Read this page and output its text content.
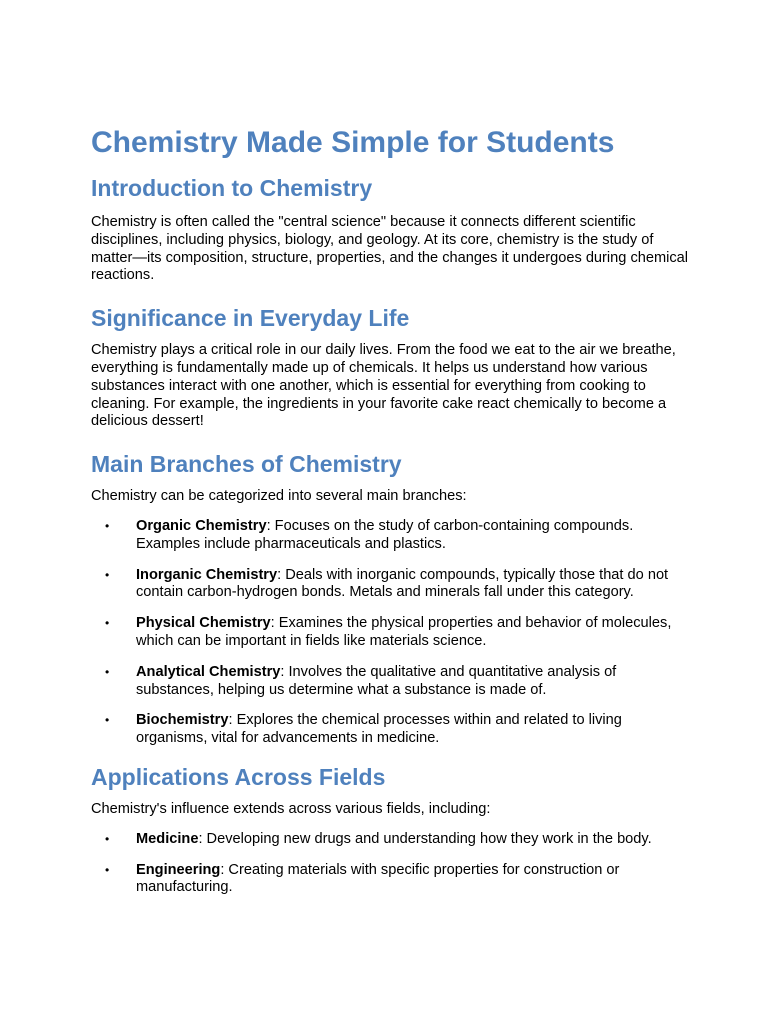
Chemistry Made Simple for Students
Introduction to Chemistry

Chemistry is often called the "central science" because it connects different scientific disciplines, including physics, biology, and geology. At its core, chemistry is the study of matter—its composition, structure, properties, and the changes it undergoes during chemical reactions.

Significance in Everyday Life

Chemistry plays a critical role in our daily lives. From the food we eat to the air we breathe, everything is fundamentally made up of chemicals. It helps us understand how various substances interact with one another, which is essential for everything from cooking to cleaning. For example, the ingredients in your favorite cake react chemically to become a delicious dessert!

Main Branches of Chemistry

Chemistry can be categorized into several main branches:

• Organic Chemistry: Focuses on the study of carbon-containing compounds. Examples include pharmaceuticals and plastics.
• Inorganic Chemistry: Deals with inorganic compounds, typically those that do not contain carbon-hydrogen bonds. Metals and minerals fall under this category.
• Physical Chemistry: Examines the physical properties and behavior of molecules, which can be important in fields like materials science.
• Analytical Chemistry: Involves the qualitative and quantitative analysis of substances, helping us determine what a substance is made of.
• Biochemistry: Explores the chemical processes within and related to living organisms, vital for advancements in medicine.
Applications Across Fields

Chemistry's influence extends across various fields, including:

• Medicine: Developing new drugs and understanding how they work in the body.
• Engineering: Creating materials with specific properties for construction or manufacturing.
